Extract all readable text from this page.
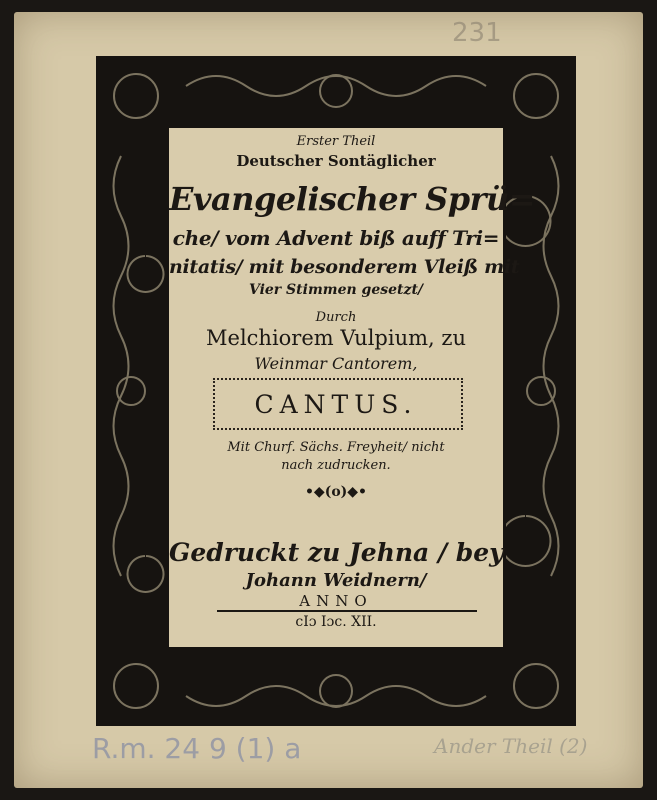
231
Erster Theil
Deutscher Sontäglicher
Evangelischer Sprü=
che/ vom Advent biß auff Tri=
nitatis/ mit besonderem Vleiß mit
Vier Stimmen gesetzt/
Durch
Melchiorem Vulpium, zu
Weinmar Cantorem,
CANTUS.
Mit Churf. Sächs. Freyheit/ nicht
nach zudrucken.
•◆(o)◆•
Gedruckt zu Jehna / bey
Johann Weidnern/
ANNO
cIɔ Iɔc. XII.
R.m. 24 9 (1) a	Ander Theil (2)
